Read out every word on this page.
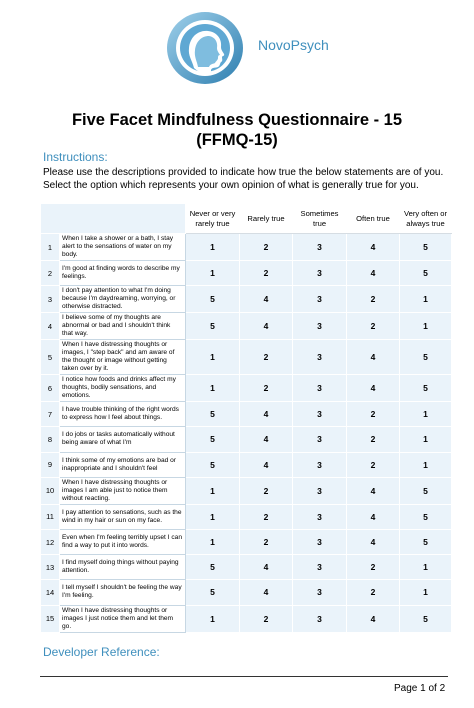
NovoPsych
Five Facet Mindfulness Questionnaire - 15
(FFMQ-15)
Instructions:
Please use the descriptions provided to indicate how true the below statements are of you. Select the option which represents your own opinion of what is generally true for you.
		Never or very rarely true	Rarely true	Sometimes true	Often true	Very often or always true
1	When I take a shower or a bath, I stay alert to the sensations of water on my body.	1	2	3	4	5
2	I'm good at finding words to describe my feelings.	1	2	3	4	5
3	I don't pay attention to what I'm doing because I'm daydreaming, worrying, or otherwise distracted.	5	4	3	2	1
4	I believe some of my thoughts are abnormal or bad and I shouldn't think that way.	5	4	3	2	1
5	When I have distressing thoughts or images, I "step back" and am aware of the thought or image without getting taken over by it.	1	2	3	4	5
6	I notice how foods and drinks affect my thoughts, bodily sensations, and emotions.	1	2	3	4	5
7	I have trouble thinking of the right words to express how I feel about things.	5	4	3	2	1
8	I do jobs or tasks automatically without being aware of what I'm	5	4	3	2	1
9	I think some of my emotions are bad or inappropriate and I shouldn't feel	5	4	3	2	1
10	When I have distressing thoughts or images I am able just to notice them without reacting.	1	2	3	4	5
11	I pay attention to sensations, such as the wind in my hair or sun on my face.	1	2	3	4	5
12	Even when I'm feeling terribly upset I can find a way to put it into words.	1	2	3	4	5
13	I find myself doing things without paying attention.	5	4	3	2	1
14	I tell myself I shouldn't be feeling the way I'm feeling.	5	4	3	2	1
15	When I have distressing thoughts or images I just notice them and let them go.	1	2	3	4	5
Developer Reference:
Page 1 of 2
